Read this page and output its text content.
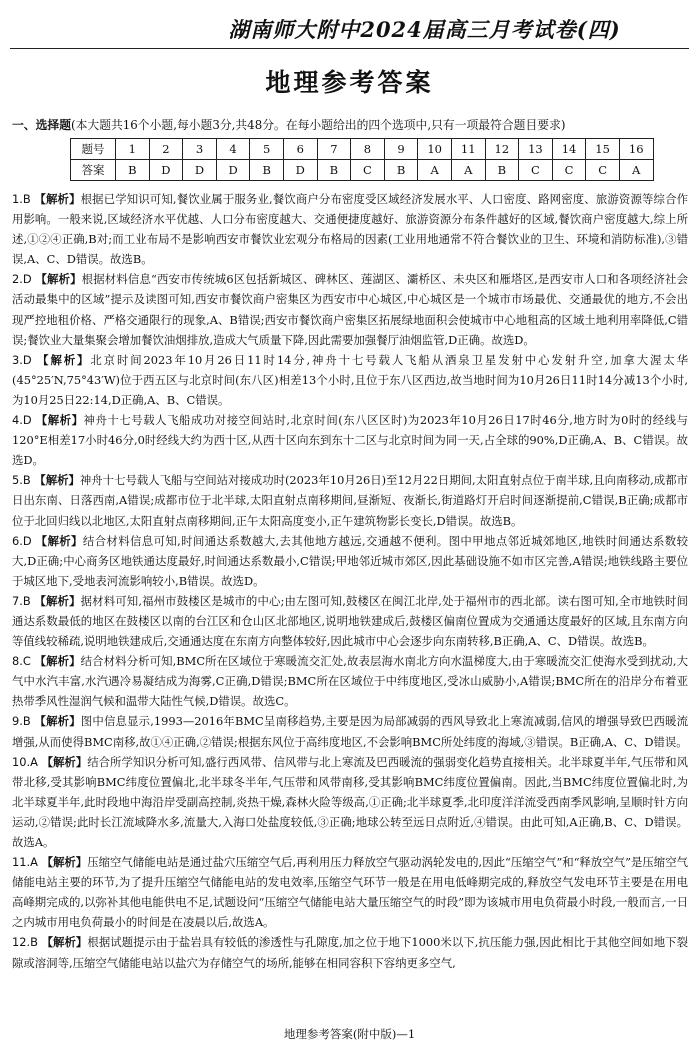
湖南师大附中2024届高三月考试卷(四)
地理参考答案
一、选择题(本大题共16个小题,每小题3分,共48分。在每小题给出的四个选项中,只有一项最符合题目要求)
题号	1	2	3	4	5	6	7	8	9	10	11	12	13	14	15	16
答案	B	D	D	D	B	D	B	C	B	A	A	B	C	C	C	A

1.B 【解析】根据已学知识可知,餐饮业属于服务业,餐饮商户分布密度受区域经济发展水平、人口密度、路网密度、旅游资源等综合作用影响。一般来说,区域经济水平优越、人口分布密度越大、交通便捷度越好、旅游资源分布条件越好的区域,餐饮商户密度越大,综上所述,①②④正确,B对;而工业布局不是影响西安市餐饮业宏观分布格局的因素(工业用地通常不符合餐饮业的卫生、环境和消防标准),③错误,A、C、D错误。故选B。

2.D 【解析】根据材料信息“西安市传统城6区包括新城区、碑林区、莲湖区、灞桥区、未央区和雁塔区,是西安市人口和各项经济社会活动最集中的区域”提示及读图可知,西安市餐饮商户密集区为西安市中心城区,中心城区是一个城市市场最优、交通最优的地方,不会出现严控地租价格、严格交通限行的现象,A、B错误;西安市餐饮商户密集区拓展绿地面积会使城市中心地租高的区域土地利用率降低,C错误;餐饮业大量集聚会增加餐饮油烟排放,造成大气质量下降,因此需要加强餐厅油烟监管,D正确。故选D。

3.D 【解析】北京时间2023年10月26日11时14分,神舟十七号载人飞船从酒泉卫星发射中心发射升空,加拿大渥太华(45°25′N,75°43′W)位于西五区与北京时间(东八区)相差13个小时,且位于东八区西边,故当地时间为10月26日11时14分减13个小时,为10月25日22:14,D正确,A、B、C错误。

4.D 【解析】神舟十七号载人飞船成功对接空间站时,北京时间(东八区区时)为2023年10月26日17时46分,地方时为0时的经线与120°E相差17小时46分,0时经线大约为西十区,从西十区向东到东十二区与北京时间为同一天,占全球的90%,D正确,A、B、C错误。故选D。

5.B 【解析】神舟十七号载人飞船与空间站对接成功时(2023年10月26日)至12月22日期间,太阳直射点位于南半球,且向南移动,成都市日出东南、日落西南,A错误;成都市位于北半球,太阳直射点南移期间,昼渐短、夜渐长,街道路灯开启时间逐渐提前,C错误,B正确;成都市位于北回归线以北地区,太阳直射点南移期间,正午太阳高度变小,正午建筑物影长变长,D错误。故选B。

6.D 【解析】结合材料信息可知,时间通达系数越大,去其他地方越远,交通越不便利。图中甲地点邻近城郊地区,地铁时间通达系数较大,D正确;中心商务区地铁通达度最好,时间通达系数最小,C错误;甲地邻近城市郊区,因此基础设施不如市区完善,A错误;地铁线路主要位于城区地下,受地表河流影响较小,B错误。故选D。

7.B 【解析】据材料可知,福州市鼓楼区是城市的中心;由左图可知,鼓楼区在闽江北岸,处于福州市的西北部。读右图可知,全市地铁时间通达系数最低的地区在鼓楼区以南的台江区和仓山区北部地区,说明地铁建成后,鼓楼区偏南位置成为交通通达度最好的区域,且东南方向等值线较稀疏,说明地铁建成后,交通通达度在东南方向整体较好,因此城市中心会逐步向东南转移,B正确,A、C、D错误。故选B。

8.C 【解析】结合材料分析可知,BMC所在区域位于寒暖流交汇处,故表层海水南北方向水温梯度大,由于寒暖流交汇使海水受到扰动,大气中水汽丰富,水汽遇冷易凝结成为海雾,C正确,D错误;BMC所在区域位于中纬度地区,受冰山威胁小,A错误;BMC所在的沿岸分布着亚热带季风性湿润气候和温带大陆性气候,D错误。故选C。

9.B 【解析】图中信息显示,1993—2016年BMC呈南移趋势,主要是因为局部减弱的西风导致北上寒流减弱,信风的增强导致巴西暖流增强,从而使得BMC南移,故①④正确,②错误;根据东风位于高纬度地区,不会影响BMC所处纬度的海域,③错误。B正确,A、C、D错误。

10.A 【解析】结合所学知识分析可知,盛行西风带、信风带与北上寒流及巴西暖流的强弱变化趋势直接相关。北半球夏半年,气压带和风带北移,受其影响BMC纬度位置偏北,北半球冬半年,气压带和风带南移,受其影响BMC纬度位置偏南。因此,当BMC纬度位置偏北时,为北半球夏半年,此时段地中海沿岸受副高控制,炎热干燥,森林火险等级高,①正确;北半球夏季,北印度洋洋流受西南季风影响,呈顺时针方向运动,②错误;此时长江流域降水多,流量大,入海口处盐度较低,③正确;地球公转至远日点附近,④错误。由此可知,A正确,B、C、D错误。故选A。

11.A 【解析】压缩空气储能电站是通过盐穴压缩空气后,再利用压力释放空气驱动涡轮发电的,因此“压缩空气”和“释放空气”是压缩空气储能电站主要的环节,为了提升压缩空气储能电站的发电效率,压缩空气环节一般是在用电低峰期完成的,释放空气发电环节主要是在用电高峰期完成的,以弥补其他电能供电不足,试题设问“压缩空气储能电站大量压缩空气的时段”即为该城市用电负荷最小时段,一般而言,一日之内城市用电负荷最小的时间是在凌晨以后,故选A。

12.B 【解析】根据试题提示由于盐岩具有较低的渗透性与孔隙度,加之位于地下1000米以下,抗压能力强,因此相比于其他空间如地下裂隙或溶洞等,压缩空气储能电站以盐穴为存储空气的场所,能够在相同容积下容纳更多空气,

地理参考答案(附中版)—1
